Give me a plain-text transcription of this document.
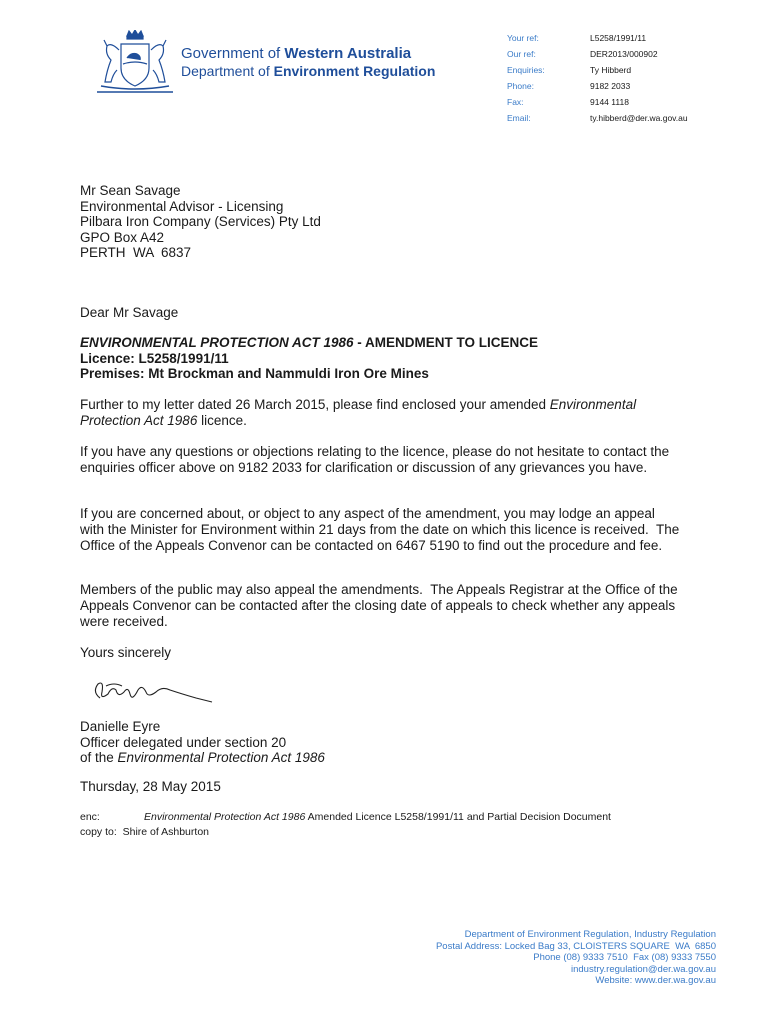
Government of Western Australia
Department of Environment Regulation
Your ref:	L5258/1991/11
Our ref:	DER2013/000902
Enquiries:	Ty Hibberd
Phone:	9182 2033
Fax:	9144 1118
Email:	ty.hibberd@der.wa.gov.au
Mr Sean Savage
Environmental Advisor - Licensing
Pilbara Iron Company (Services) Pty Ltd
GPO Box A42
PERTH  WA  6837

Dear Mr Savage

ENVIRONMENTAL PROTECTION ACT 1986 - AMENDMENT TO LICENCE
Licence: L5258/1991/11
Premises: Mt Brockman and Nammuldi Iron Ore Mines

Further to my letter dated 26 March 2015, please find enclosed your amended Environmental Protection Act 1986 licence.

If you have any questions or objections relating to the licence, please do not hesitate to contact the enquiries officer above on 9182 2033 for clarification or discussion of any grievances you have.

If you are concerned about, or object to any aspect of the amendment, you may lodge an appeal with the Minister for Environment within 21 days from the date on which this licence is received.  The Office of the Appeals Convenor can be contacted on 6467 5190 to find out the procedure and fee.

Members of the public may also appeal the amendments.  The Appeals Registrar at the Office of the Appeals Convenor can be contacted after the closing date of appeals to check whether any appeals were received.

Yours sincerely

Danielle Eyre
Officer delegated under section 20
of the Environmental Protection Act 1986

Thursday, 28 May 2015

enc:	Environmental Protection Act 1986 Amended Licence L5258/1991/11 and Partial Decision Document
copy to:  Shire of Ashburton
Department of Environment Regulation, Industry Regulation
Postal Address: Locked Bag 33, CLOISTERS SQUARE  WA  6850
Phone (08) 9333 7510  Fax (08) 9333 7550
industry.regulation@der.wa.gov.au
Website: www.der.wa.gov.au
